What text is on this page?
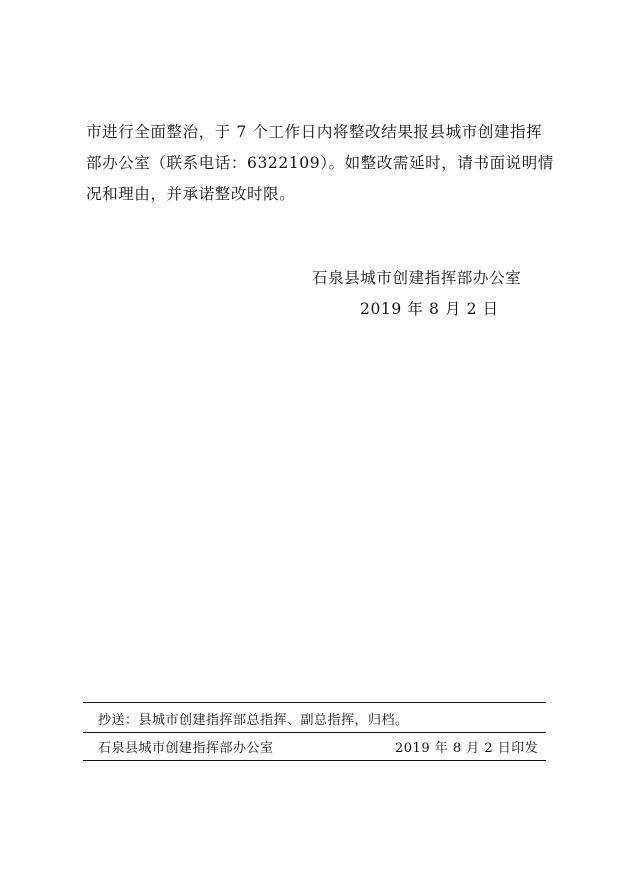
市进行全面整治，于 7 个工作日内将整改结果报县城市创建指挥
部办公室（联系电话：6322109）。如整改需延时，请书面说明情
况和理由，并承诺整改时限。
石泉县城市创建指挥部办公室
2019 年 8 月 2 日
抄送：县城市创建指挥部总指挥、副总指挥，归档。
石泉县城市创建指挥部办公室	2019 年 8 月 2 日印发
